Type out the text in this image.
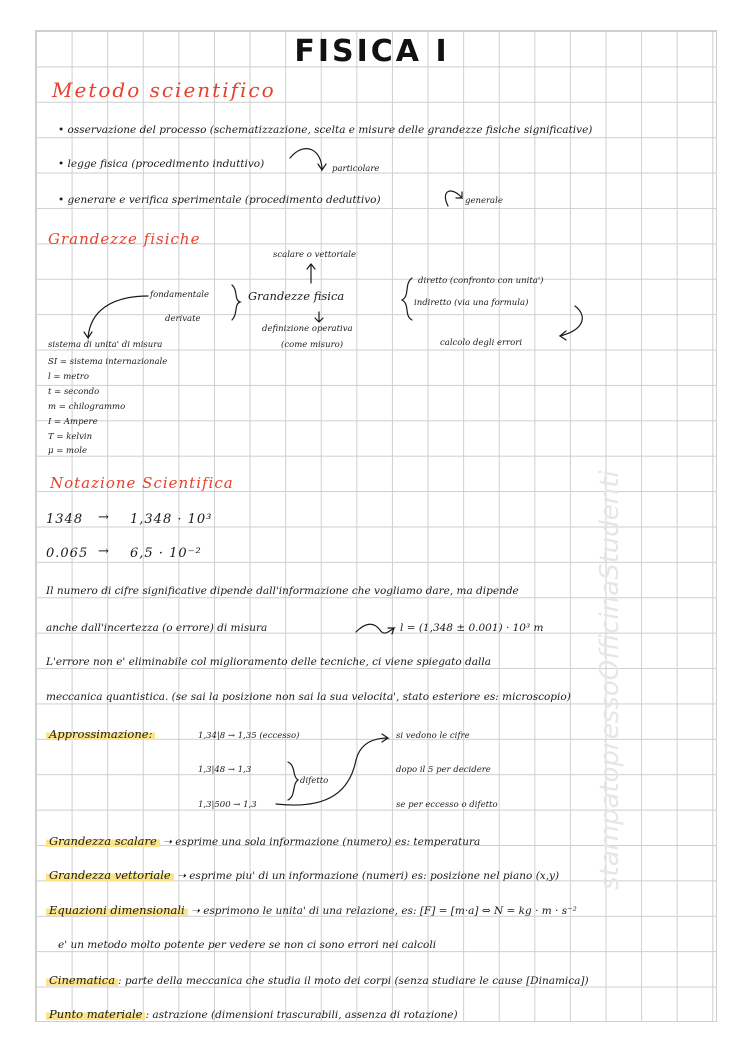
stampatopressoOfficinaStudenti
FISICA I
Metodo scientifico
• osservazione del processo (schematizzazione, scelta e misure delle grandezze fisiche significative)
• legge fisica (procedimento induttivo)	particolare
• generare e verifica sperimentale (procedimento deduttivo)	generale
Grandezze fisiche
scalare o vettoriale
fondamentale
derivate
Grandezze fisica
diretto (confronto con unita')
indiretto (via una formula)
definizione operativa
(come misuro)	calcolo degli errori
sistema di unita' di misura
SI = sistema internazionale
l = metro
t = secondo
m = chilogrammo
I = Ampere
T = kelvin
μ = mole
Notazione Scientifica
1348 → 1,348 · 10³
0.065 → 6,5 · 10⁻²
Il numero di cifre significative dipende dall'informazione che vogliamo dare, ma dipende
anche dall'incertezza (o errore) di misura	l = (1,348 ± 0.001) · 10³ m
L'errore non e' eliminabile col miglioramento delle tecniche, ci viene spiegato dalla
meccanica quantistica. (se sai la posizione non sai la sua velocita', stato esteriore es: microscopio)
Approssimazione:	1,34|8 → 1,35 (eccesso)	si vedono le cifre
1,3|48 → 1,3	dopo il 5 per decidere
1,3|500 → 1,3	se per eccesso o difetto
difetto
Grandezza scalare ➝ esprime una sola informazione (numero) es: temperatura
Grandezza vettoriale ➝ esprime piu' di un informazione (numeri) es: posizione nel piano (x,y)
Equazioni dimensionali ➝ esprimono le unita' di una relazione, es: [F] = [m·a] ⇔ N = kg · m · s⁻²
e' un metodo molto potente per vedere se non ci sono errori nei calcoli
Cinematica : parte della meccanica che studia il moto dei corpi (senza studiare le cause [Dinamica])
Punto materiale : astrazione (dimensioni trascurabili, assenza di rotazione)
